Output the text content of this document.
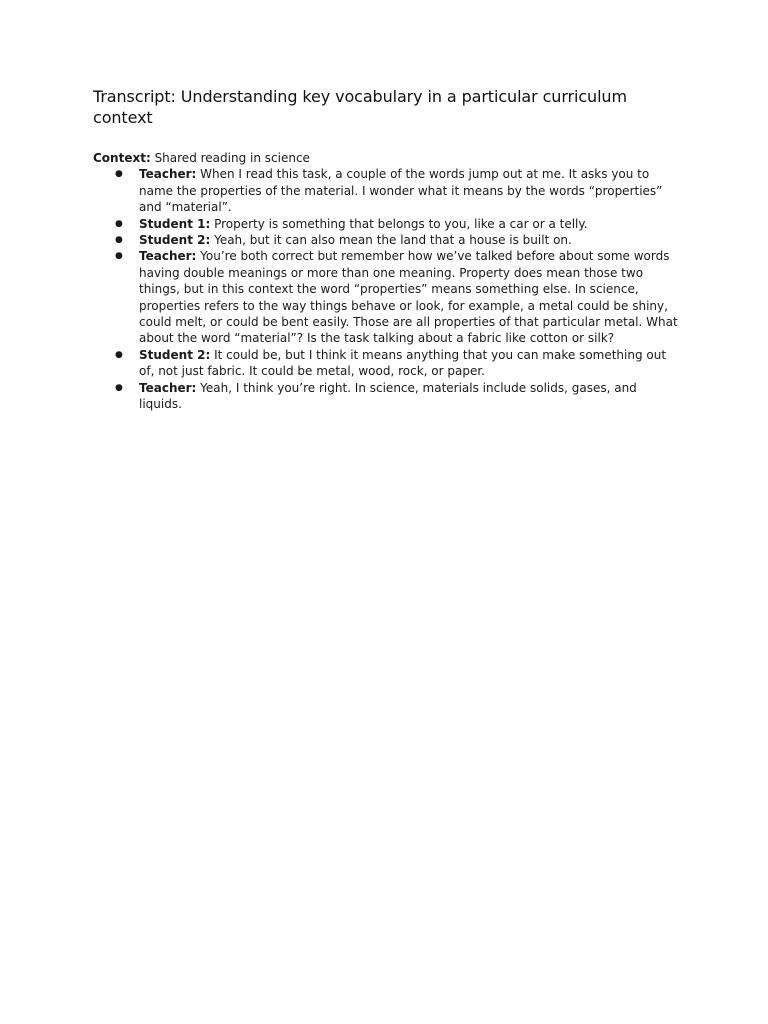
Transcript: Understanding key vocabulary in a particular curriculum context

Context: Shared reading in science

● Teacher: When I read this task, a couple of the words jump out at me. It asks you to name the properties of the material. I wonder what it means by the words “properties” and “material”.
● Student 1: Property is something that belongs to you, like a car or a telly.
● Student 2: Yeah, but it can also mean the land that a house is built on.
● Teacher: You’re both correct but remember how we’ve talked before about some words having double meanings or more than one meaning. Property does mean those two things, but in this context the word “properties” means something else. In science, properties refers to the way things behave or look, for example, a metal could be shiny, could melt, or could be bent easily. Those are all properties of that particular metal. What about the word “material”? Is the task talking about a fabric like cotton or silk?
● Student 2: It could be, but I think it means anything that you can make something out of, not just fabric. It could be metal, wood, rock, or paper.
● Teacher: Yeah, I think you’re right. In science, materials include solids, gases, and liquids.
